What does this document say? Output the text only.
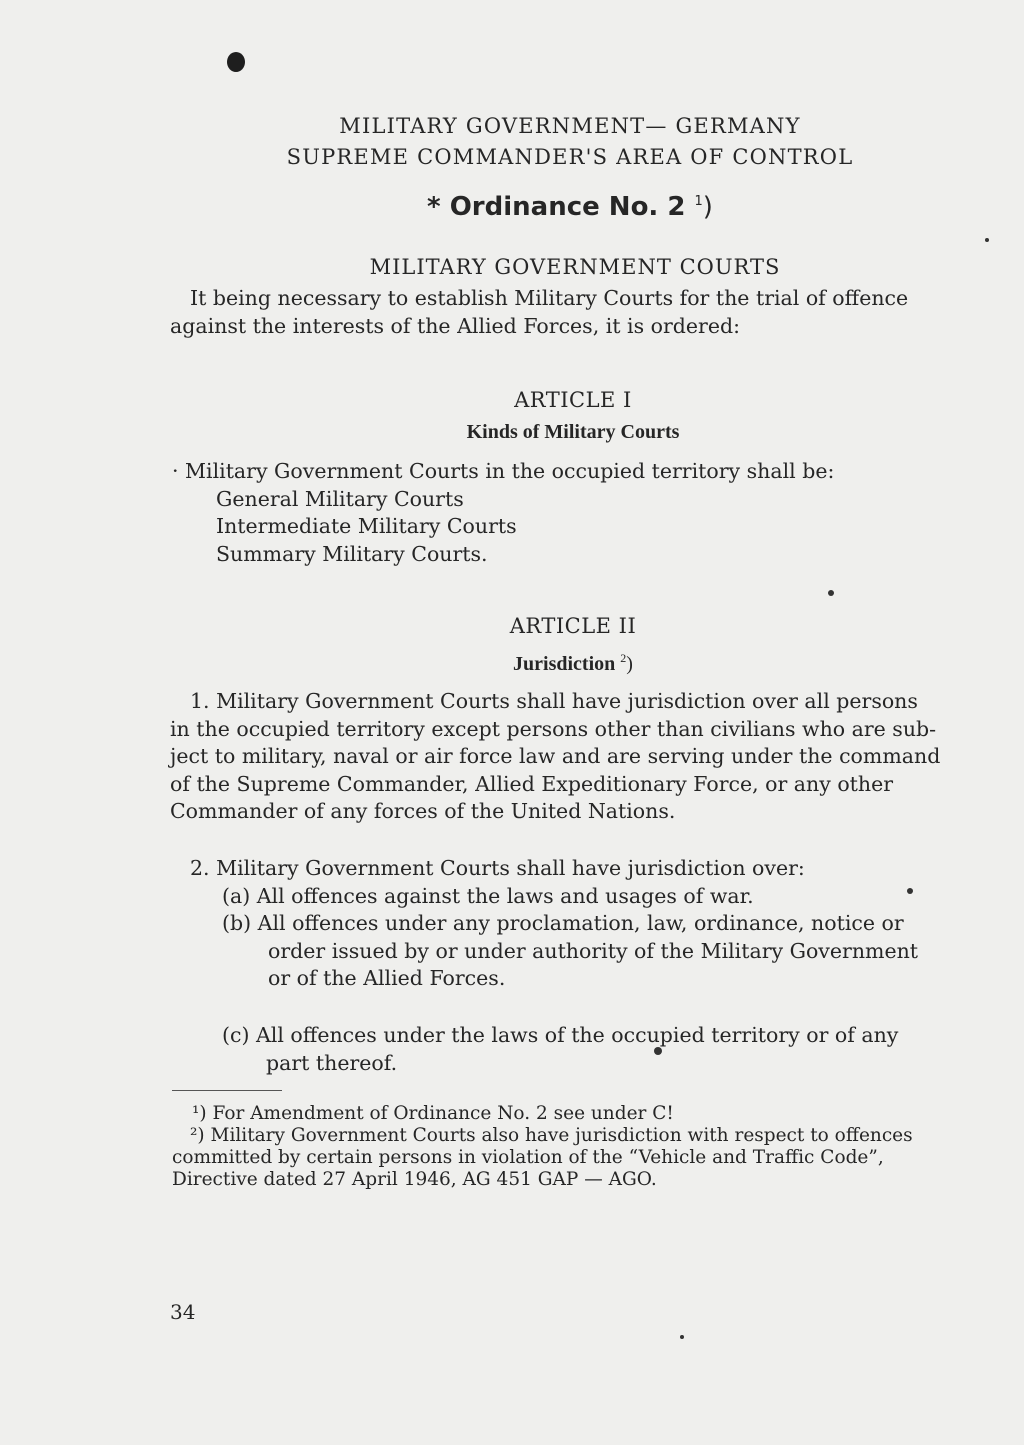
MILITARY GOVERNMENT— GERMANY

SUPREME COMMANDER'S AREA OF CONTROL

* Ordinance No. 2 $^1$)

MILITARY GOVERNMENT COURTS

It being necessary to establish Military Courts for the trial of offence
against the interests of the Allied Forces, it is ordered:

ARTICLE I

Kinds of Military Courts

· Military Government Courts in the occupied territory shall be:
General Military Courts
Intermediate Military Courts
Summary Military Courts.

ARTICLE II

Jurisdiction $^2$)

1. Military Government Courts shall have jurisdiction over all persons
in the occupied territory except persons other than civilians who are sub-
ject to military, naval or air force law and are serving under the command
of the Supreme Commander, Allied Expeditionary Force, or any other
Commander of any forces of the United Nations.
2. Military Government Courts shall have jurisdiction over:
(a) All offences against the laws and usages of war.
(b) All offences under any proclamation, law, ordinance, notice or
order issued by or under authority of the Military Government
or of the Allied Forces.
(c) All offences under the laws of the occupied territory or of any
part thereof.
¹) For Amendment of Ordinance No. 2 see under C!
²) Military Government Courts also have jurisdiction with respect to offences
committed by certain persons in violation of the “Vehicle and Traffic Code”,
Directive dated 27 April 1946, AG 451 GAP — AGO.
34
